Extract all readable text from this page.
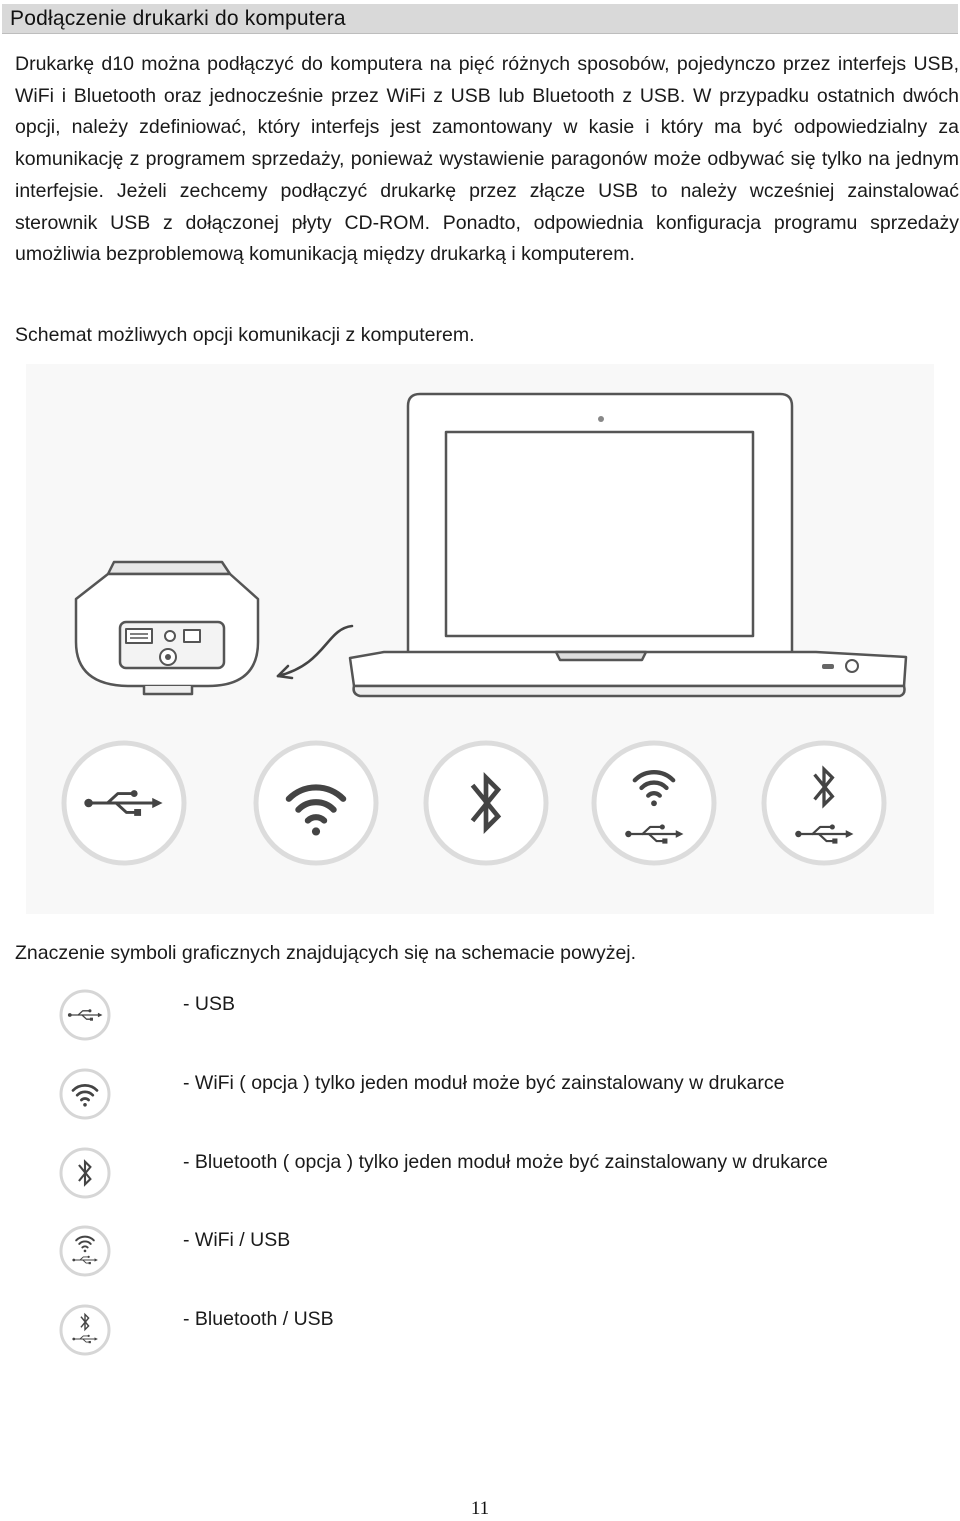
Podłączenie drukarki do komputera

Drukarkę d10 można podłączyć do komputera na pięć różnych sposobów, pojedynczo przez interfejs USB, WiFi i Bluetooth oraz jednocześnie przez WiFi z USB lub Bluetooth z USB. W przypadku ostatnich dwóch opcji, należy zdefiniować, który interfejs jest zamontowany w kasie i który ma być odpowiedzialny za komunikację z programem sprzedaży, ponieważ wystawienie paragonów może odbywać się tylko na jednym interfejsie. Jeżeli zechcemy podłączyć drukarkę przez złącze USB to należy wcześniej zainstalować sterownik USB z dołączonej płyty CD-ROM. Ponadto, odpowiednia konfiguracja programu sprzedaży umożliwia bezproblemową komunikacją między drukarką i komputerem.

Schemat możliwych opcji komunikacji z komputerem.

Znaczenie symboli graficznych znajdujących się na schemacie powyżej.

- USB
- WiFi ( opcja ) tylko jeden moduł może być zainstalowany w drukarce
- Bluetooth ( opcja ) tylko jeden moduł może być zainstalowany w drukarce
- WiFi / USB
- Bluetooth / USB
11
